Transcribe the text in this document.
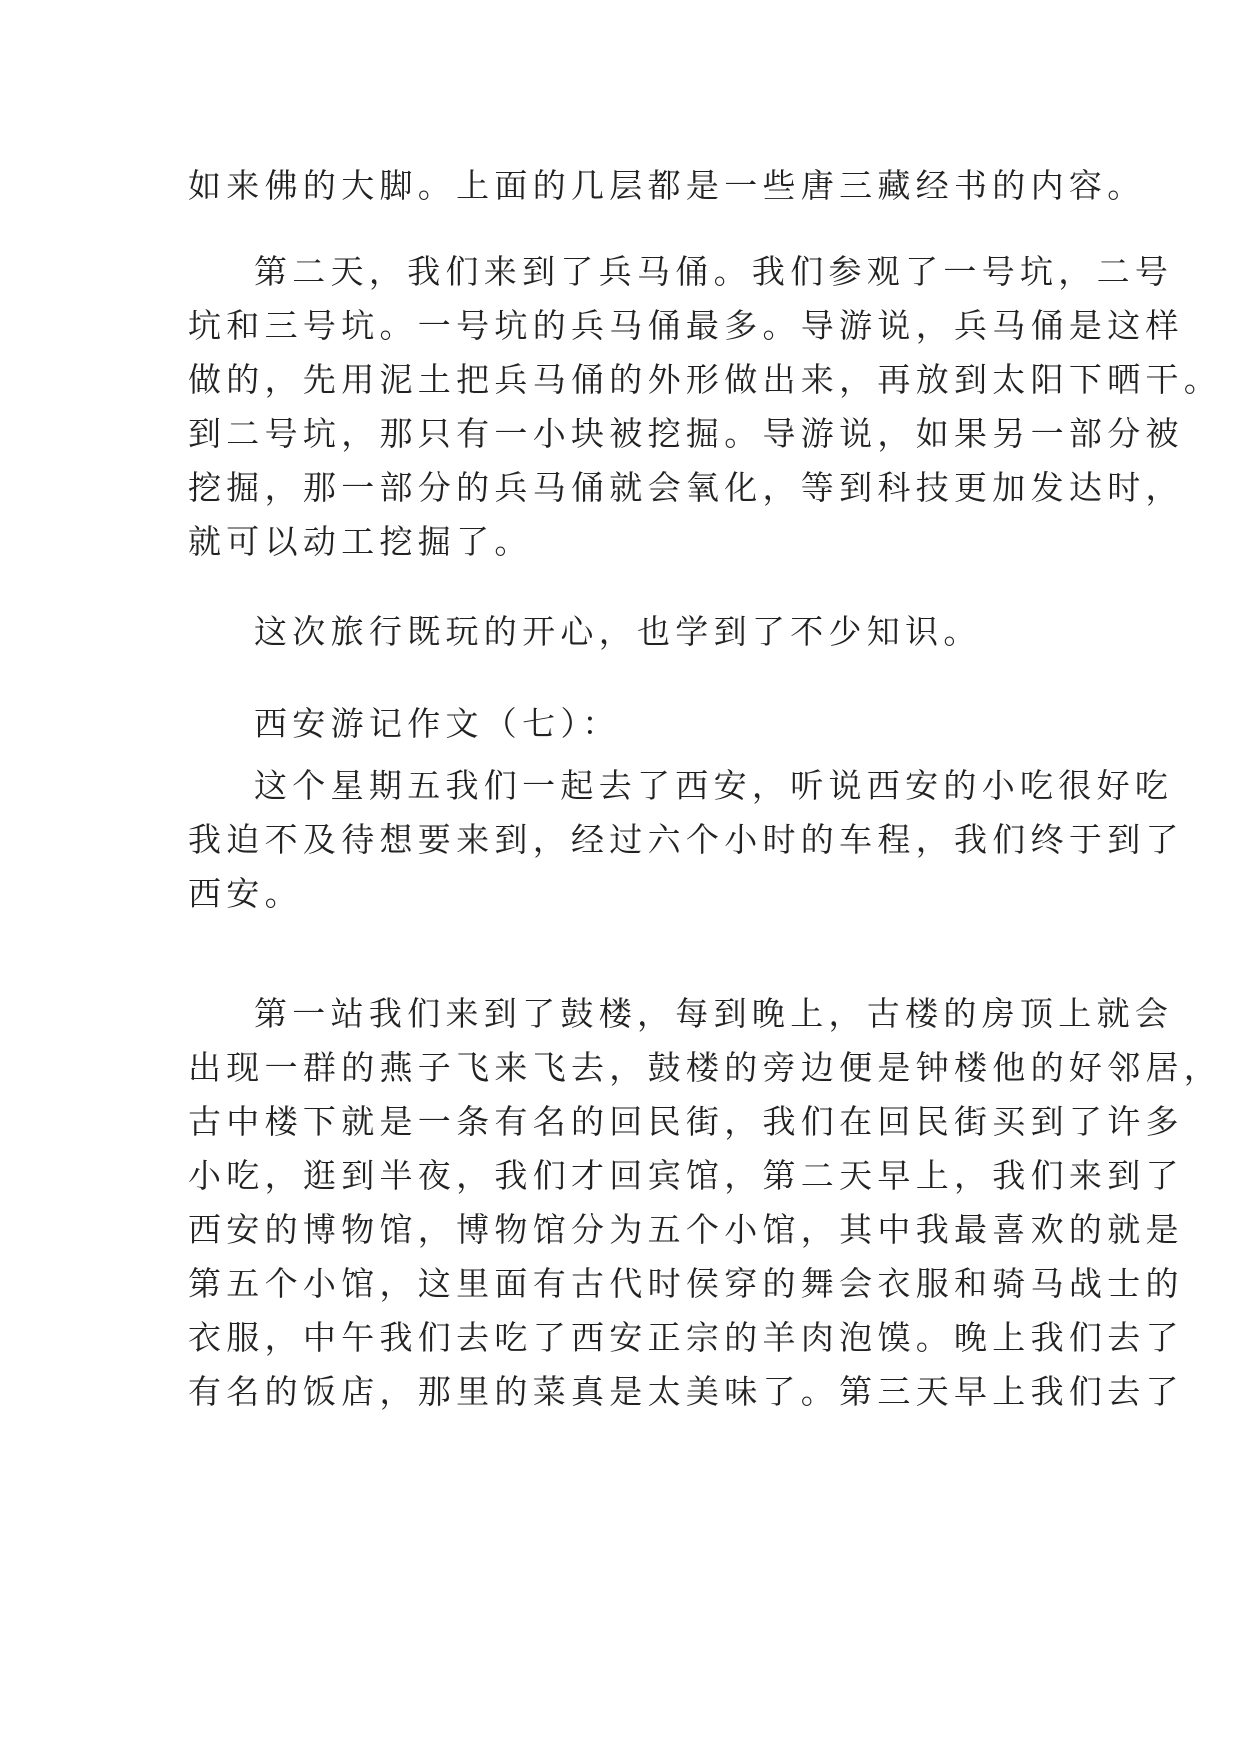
如来佛的大脚。上面的几层都是一些唐三藏经书的内容。

第二天，我们来到了兵马俑。我们参观了一号坑，二号

坑和三号坑。一号坑的兵马俑最多。导游说，兵马俑是这样

做的，先用泥土把兵马俑的外形做出来，再放到太阳下晒干。

到二号坑，那只有一小块被挖掘。导游说，如果另一部分被

挖掘，那一部分的兵马俑就会氧化，等到科技更加发达时，

就可以动工挖掘了。

这次旅行既玩的开心，也学到了不少知识。

西安游记作文（七）：

这个星期五我们一起去了西安，听说西安的小吃很好吃

我迫不及待想要来到，经过六个小时的车程，我们终于到了

西安。

第一站我们来到了鼓楼，每到晚上，古楼的房顶上就会

出现一群的燕子飞来飞去，鼓楼的旁边便是钟楼他的好邻居，

古中楼下就是一条有名的回民街，我们在回民街买到了许多

小吃，逛到半夜，我们才回宾馆，第二天早上，我们来到了

西安的博物馆，博物馆分为五个小馆，其中我最喜欢的就是

第五个小馆，这里面有古代时侯穿的舞会衣服和骑马战士的

衣服，中午我们去吃了西安正宗的羊肉泡馍。晚上我们去了

有名的饭店，那里的菜真是太美味了。第三天早上我们去了
